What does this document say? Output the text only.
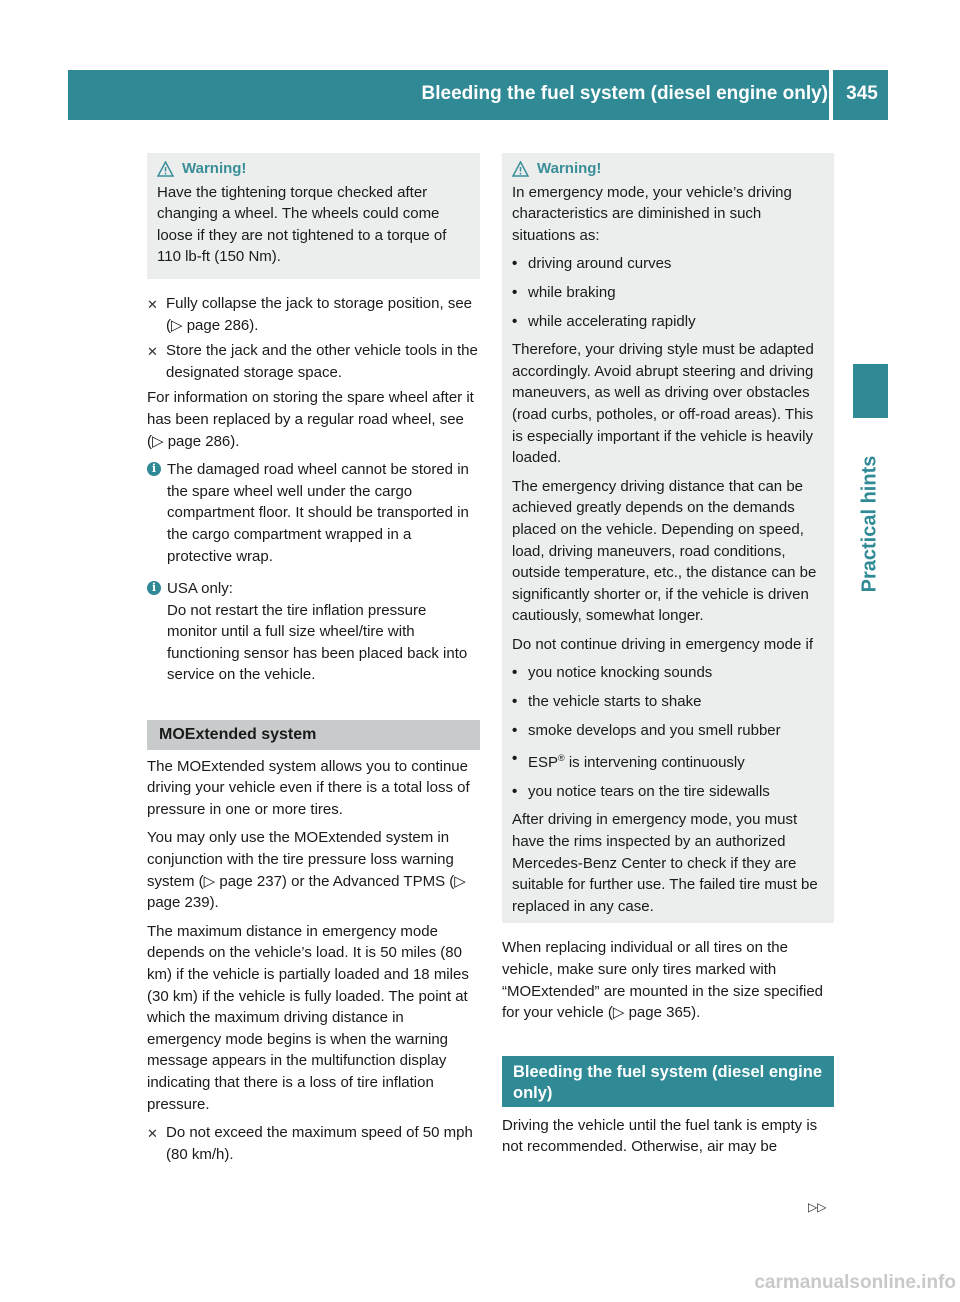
Bleeding the fuel system (diesel engine only) 345
Practical hints
Warning!

Have the tightening torque checked after changing a wheel. The wheels could come loose if they are not tightened to a torque of 110 lb-ft (150 Nm).

✕ Fully collapse the jack to storage position, see (▷ page 286).
✕ Store the jack and the other vehicle tools in the designated storage space.

For information on storing the spare wheel after it has been replaced by a regular road wheel, see (▷ page 286).

i The damaged road wheel cannot be stored in the spare wheel well under the cargo compartment floor. It should be transported in the cargo compartment wrapped in a protective wrap.
i USA only:
Do not restart the tire inflation pressure monitor until a full size wheel/tire with functioning sensor has been placed back into service on the vehicle.
MOExtended system

The MOExtended system allows you to continue driving your vehicle even if there is a total loss of pressure in one or more tires.

You may only use the MOExtended system in conjunction with the tire pressure loss warning system (▷ page 237) or the Advanced TPMS (▷ page 239).

The maximum distance in emergency mode depends on the vehicle’s load. It is 50 miles (80 km) if the vehicle is partially loaded and 18 miles (30 km) if the vehicle is fully loaded. The point at which the maximum driving distance in emergency mode begins is when the warning message appears in the multifunction display indicating that there is a loss of tire inflation pressure.

✕ Do not exceed the maximum speed of 50 mph (80 km/h).
Warning!

In emergency mode, your vehicle’s driving characteristics are diminished in such situations as:

• driving around curves
• while braking
• while accelerating rapidly

Therefore, your driving style must be adapted accordingly. Avoid abrupt steering and driving maneuvers, as well as driving over obstacles (road curbs, potholes, or off-road areas). This is especially important if the vehicle is heavily loaded.

The emergency driving distance that can be achieved greatly depends on the demands placed on the vehicle. Depending on speed, load, driving maneuvers, road conditions, outside temperature, etc., the distance can be significantly shorter or, if the vehicle is driven cautiously, somewhat longer.

Do not continue driving in emergency mode if

• you notice knocking sounds
• the vehicle starts to shake
• smoke develops and you smell rubber
• ESP® is intervening continuously
• you notice tears on the tire sidewalls

After driving in emergency mode, you must have the rims inspected by an authorized Mercedes-Benz Center to check if they are suitable for further use. The failed tire must be replaced in any case.

When replacing individual or all tires on the vehicle, make sure only tires marked with “MOExtended” are mounted in the size specified for your vehicle (▷ page 365).

Bleeding the fuel system (diesel engine only)

Driving the vehicle until the fuel tank is empty is not recommended. Otherwise, air may be

▷▷
carmanualsonline.info
